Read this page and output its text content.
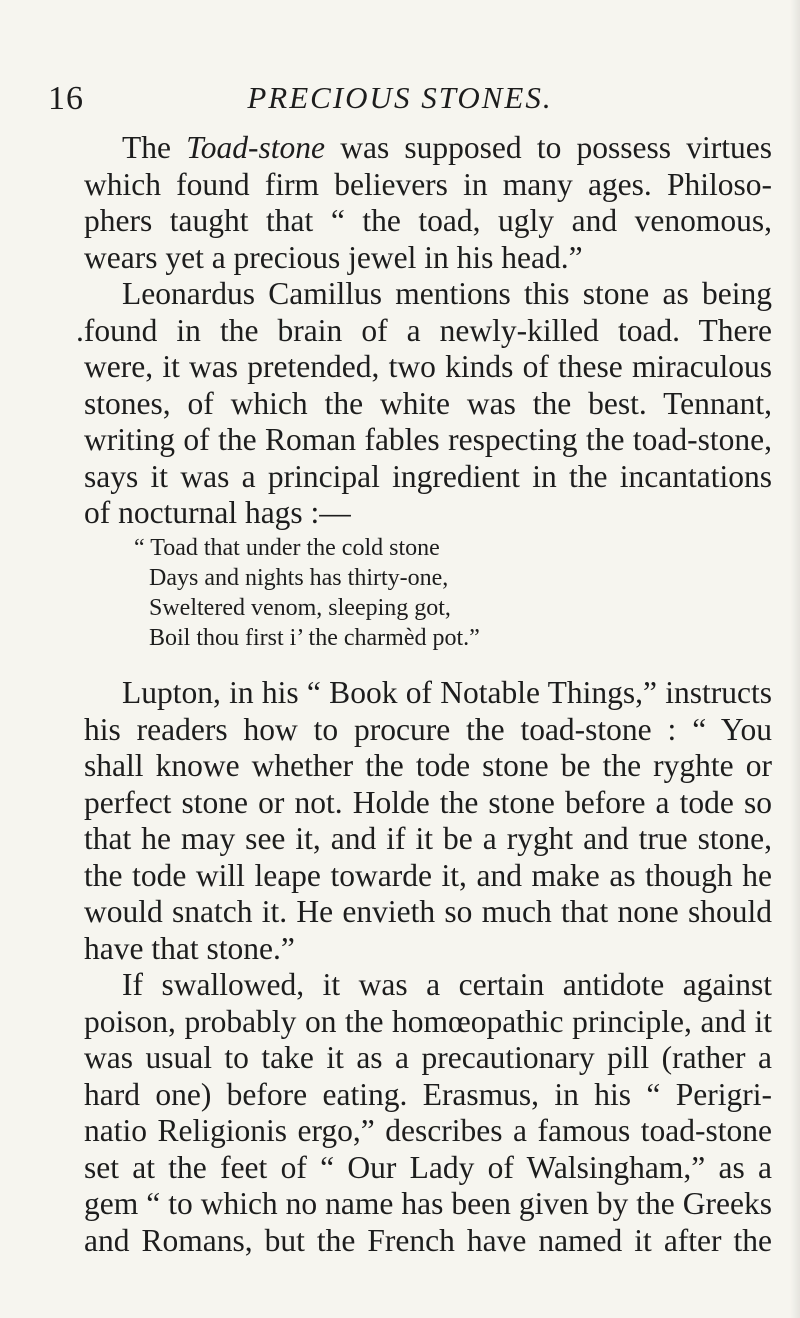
16	PRECIOUS STONES.
The Toad-stone was supposed to possess virtues
which found firm believers in many ages. Philoso-
phers taught that “ the toad, ugly and venomous,
wears yet a precious jewel in his head.”
Leonardus Camillus mentions this stone as being
.found in the brain of a newly-killed toad. There
were, it was pretended, two kinds of these miraculous
stones, of which the white was the best. Tennant,
writing of the Roman fables respecting the toad-stone,
says it was a principal ingredient in the incantations
of nocturnal hags :—
“ Toad that under the cold stone
Days and nights has thirty-one,
Sweltered venom, sleeping got,
Boil thou first i’ the charmèd pot.”
Lupton, in his “ Book of Notable Things,” instructs
his readers how to procure the toad-stone : “ You
shall knowe whether the tode stone be the ryghte or
perfect stone or not. Holde the stone before a tode so
that he may see it, and if it be a ryght and true stone,
the tode will leape towarde it, and make as though he
would snatch it. He envieth so much that none should
have that stone.”
If swallowed, it was a certain antidote against
poison, probably on the homœopathic principle, and it
was usual to take it as a precautionary pill (rather a
hard one) before eating. Erasmus, in his “ Perigri-
natio Religionis ergo,” describes a famous toad-stone
set at the feet of “ Our Lady of Walsingham,” as a
gem “ to which no name has been given by the Greeks
and Romans, but the French have named it after the
